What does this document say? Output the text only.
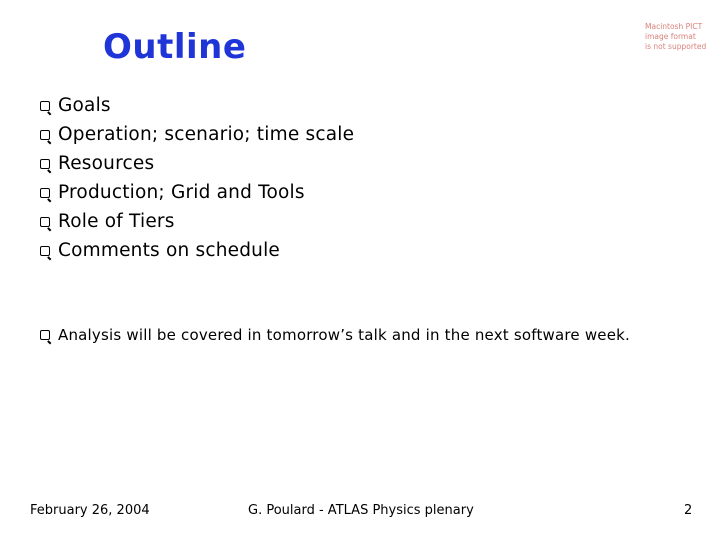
Outline
Macintosh PICT
image format
is not supported
Goals
Operation; scenario; time scale
Resources
Production; Grid and Tools
Role of Tiers
Comments on schedule
Analysis will be covered in tomorrow’s talk and in the next software week.
February 26, 2004	G. Poulard - ATLAS Physics plenary	2
